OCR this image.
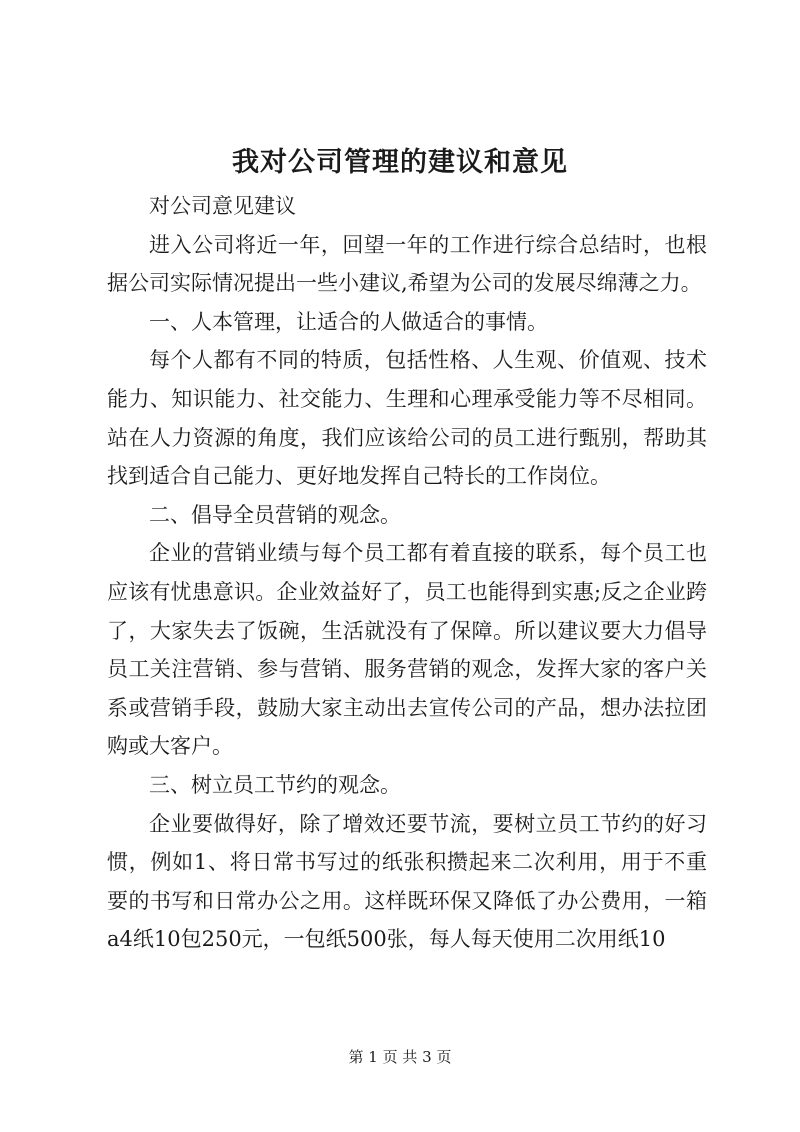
我对公司管理的建议和意见

对公司意见建议

进入公司将近一年，回望一年的工作进行综合总结时，也根据公司实际情况提出一些小建议,希望为公司的发展尽绵薄之力。

一、人本管理，让适合的人做适合的事情。

每个人都有不同的特质，包括性格、人生观、价值观、技术能力、知识能力、社交能力、生理和心理承受能力等不尽相同。站在人力资源的角度，我们应该给公司的员工进行甄别，帮助其找到适合自己能力、更好地发挥自己特长的工作岗位。

二、倡导全员营销的观念。

企业的营销业绩与每个员工都有着直接的联系，每个员工也应该有忧患意识。企业效益好了，员工也能得到实惠;反之企业跨了，大家失去了饭碗，生活就没有了保障。所以建议要大力倡导员工关注营销、参与营销、服务营销的观念，发挥大家的客户关系或营销手段，鼓励大家主动出去宣传公司的产品，想办法拉团购或大客户。

三、树立员工节约的观念。

企业要做得好，除了增效还要节流，要树立员工节约的好习惯，例如1、将日常书写过的纸张积攒起来二次利用，用于不重要的书写和日常办公之用。这样既环保又降低了办公费用，一箱a4纸10包250元，一包纸500张，每人每天使用二次用纸10

第 1 页 共 3 页
